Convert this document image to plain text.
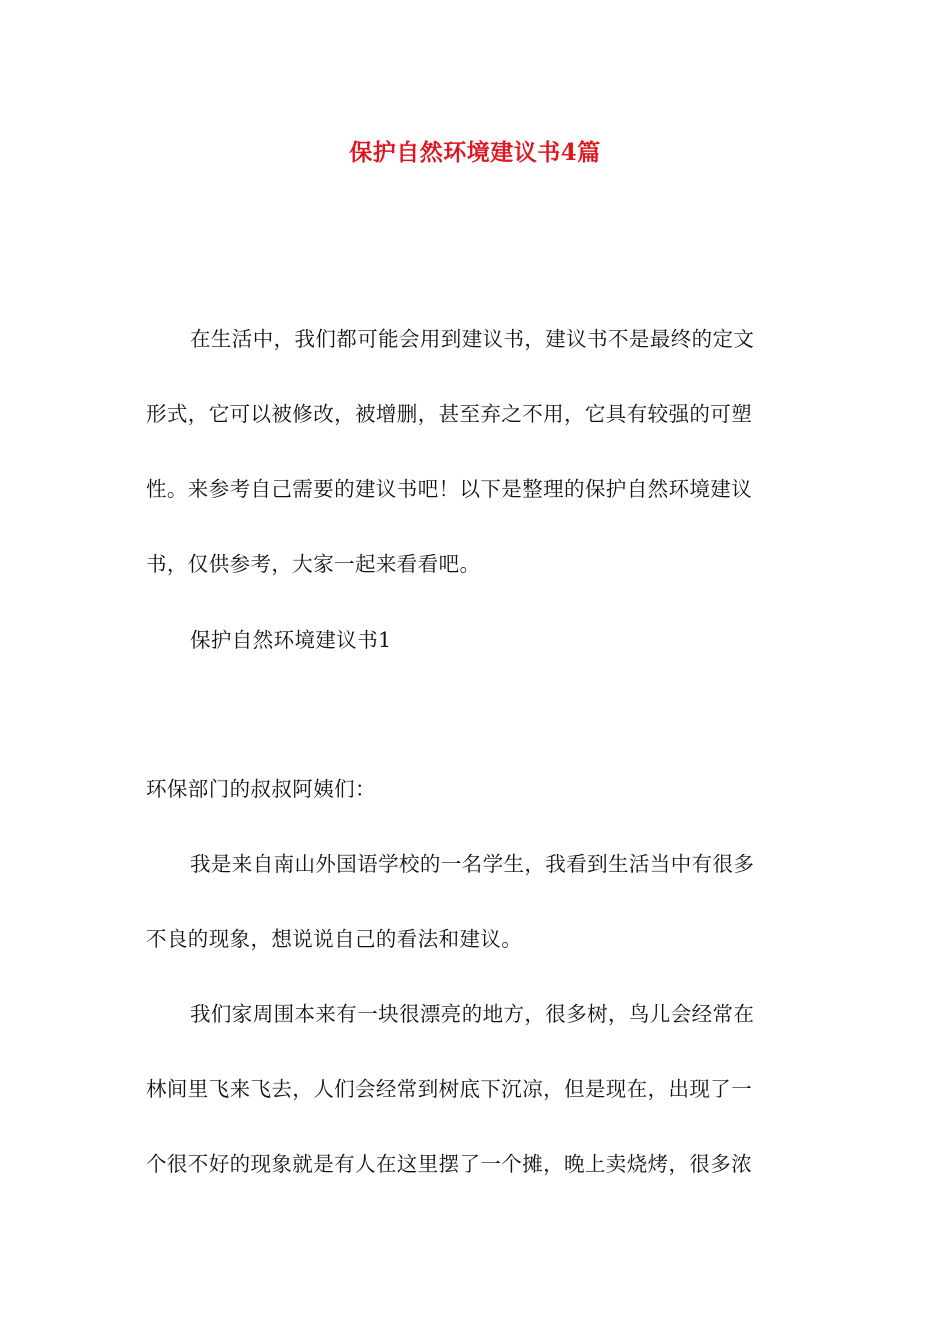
保护自然环境建议书4篇
在生活中，我们都可能会用到建议书，建议书不是最终的定文
形式，它可以被修改，被增删，甚至弃之不用，它具有较强的可塑
性。来参考自己需要的建议书吧！以下是整理的保护自然环境建议
书，仅供参考，大家一起来看看吧。
保护自然环境建议书1
环保部门的叔叔阿姨们：
我是来自南山外国语学校的一名学生，我看到生活当中有很多
不良的现象，想说说自己的看法和建议。
我们家周围本来有一块很漂亮的地方，很多树，鸟儿会经常在
林间里飞来飞去，人们会经常到树底下沉凉，但是现在，出现了一
个很不好的现象就是有人在这里摆了一个摊，晚上卖烧烤，很多浓
